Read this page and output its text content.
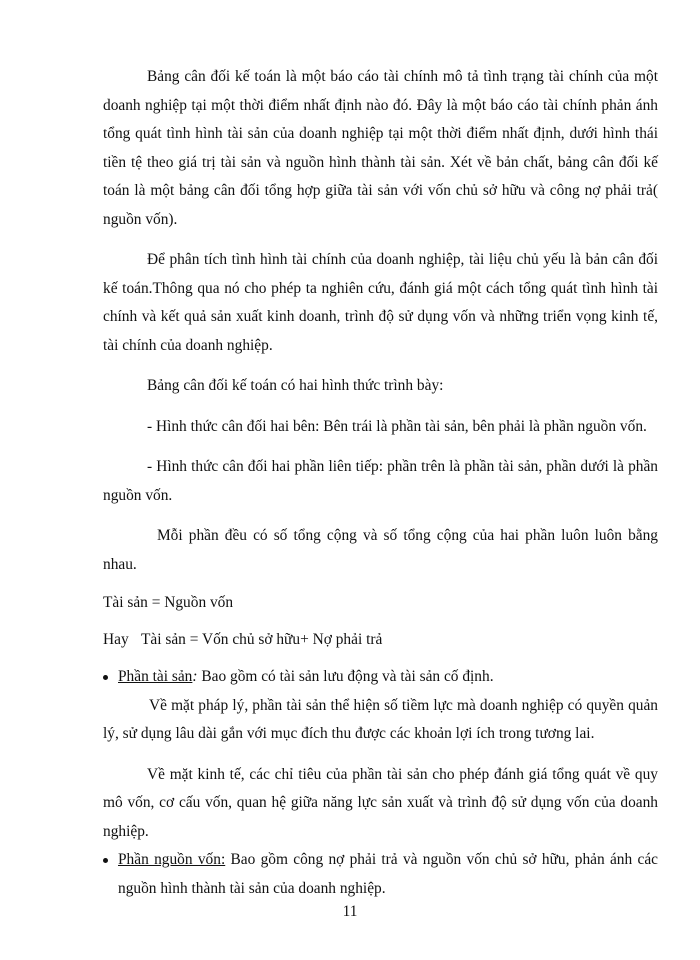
Bảng cân đối kế toán là một báo cáo tài chính mô tả tình trạng tài chính của một doanh nghiệp tại một thời điểm nhất định nào đó. Đây là một báo cáo tài chính phản ánh tổng quát tình hình tài sản của doanh nghiệp tại một thời điểm nhất định, dưới hình thái tiền tệ theo giá trị tài sản và nguồn hình thành tài sản. Xét về bản chất, bảng cân đối kế toán là một bảng cân đối tổng hợp giữa tài sản với vốn chủ sở hữu và công nợ phải trả( nguồn vốn).

Để phân tích tình hình tài chính của doanh nghiệp, tài liệu chủ yếu là bản cân đối kế toán.Thông qua nó cho phép ta nghiên cứu, đánh giá một cách tổng quát tình hình tài chính và kết quả sản xuất kinh doanh, trình độ sử dụng vốn và những triển vọng kinh tế, tài chính của doanh nghiệp.

Bảng cân đối kế toán có hai hình thức trình bày:

- Hình thức cân đối hai bên: Bên trái là phần tài sản, bên phải là phần nguồn vốn.

- Hình thức cân đối hai phần liên tiếp: phần trên là phần tài sản, phần dưới là phần nguồn vốn.

Mỗi phần đều có số tổng cộng và số tổng cộng của hai phần luôn luôn bằng nhau.

Tài sản = Nguồn vốn

Hay Tài sản = Vốn chủ sở hữu+ Nợ phải trả

Phần tài sản: Bao gồm có tài sản lưu động và tài sản cố định.

Về mặt pháp lý, phần tài sản thể hiện số tiềm lực mà doanh nghiệp có quyền quản lý, sử dụng lâu dài gắn với mục đích thu được các khoản lợi ích trong tương lai.

Về mặt kinh tế, các chỉ tiêu của phần tài sản cho phép đánh giá tổng quát về quy mô vốn, cơ cấu vốn, quan hệ giữa năng lực sản xuất và trình độ sử dụng vốn của doanh nghiệp.

Phần nguồn vốn: Bao gồm công nợ phải trả và nguồn vốn chủ sở hữu, phản ánh các nguồn hình thành tài sản của doanh nghiệp.
11
